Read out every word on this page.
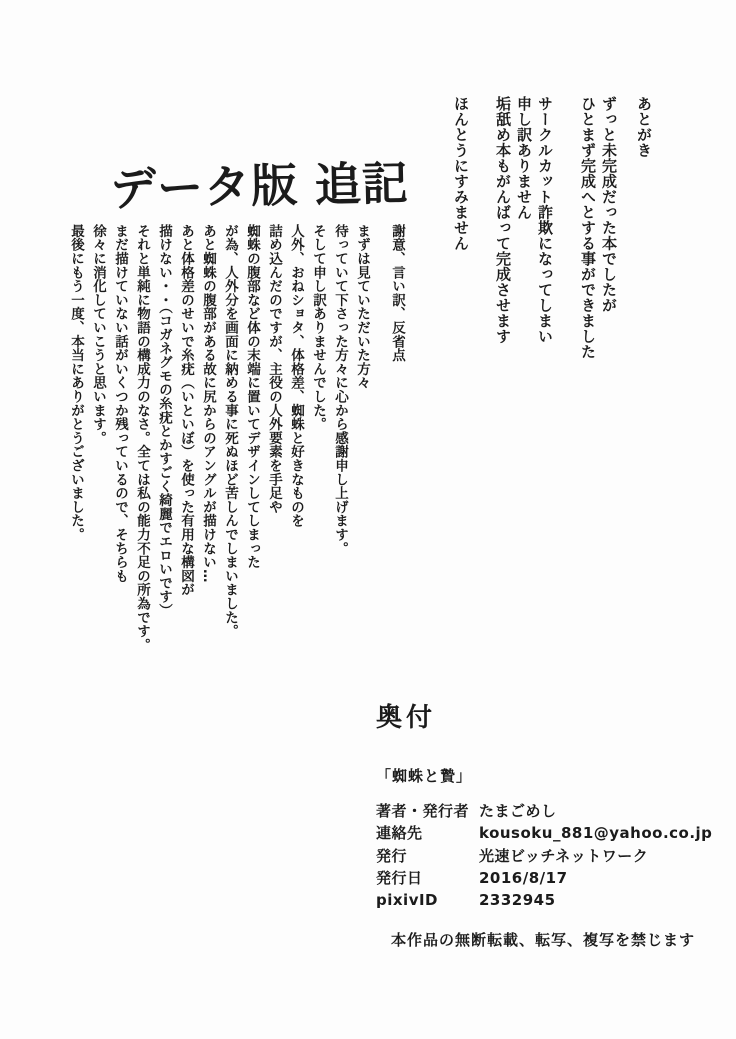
あとがき
ずっと未完成だった本でしたが
ひとまず完成へとする事ができました
サークルカット詐欺になってしまい
申し訳ありません
垢舐め本もがんばって完成させます
ほんとうにすみません
データ版 追記
謝意、言い訳、反省点
まずは見ていただいた方々
待っていて下さった方々に心から感謝申し上げます。
そして申し訳ありませんでした。
人外、おねショタ、体格差、蜘蛛と好きなものを
詰め込んだのですが、主役の人外要素を手足や
蜘蛛の腹部など体の末端に置いてデザインしてしまった
が為、人外分を画面に納める事に死ぬほど苦しんでしまいました。
あと蜘蛛の腹部がある故に尻からのアングルが描けない…
あと体格差のせいで糸疣（いといぼ）を使った有用な構図が
描けない・・（コガネグモの糸疣とかすごく綺麗でエロいです）
それと単純に物語の構成力のなさ。全ては私の能力不足の所為です。
まだ描けていない話がいくつか残っているので、そちらも
徐々に消化していこうと思います。
最後にもう一度、本当にありがとうございました。
奥付
「蜘蛛と贄」
著者・発行者 たまごめし
連絡先	kousoku_881@yahoo.co.jp
発行	光速ビッチネットワーク
発行日	2016/8/17
pixivID	2332945
本作品の無断転載、転写、複写を禁じます
